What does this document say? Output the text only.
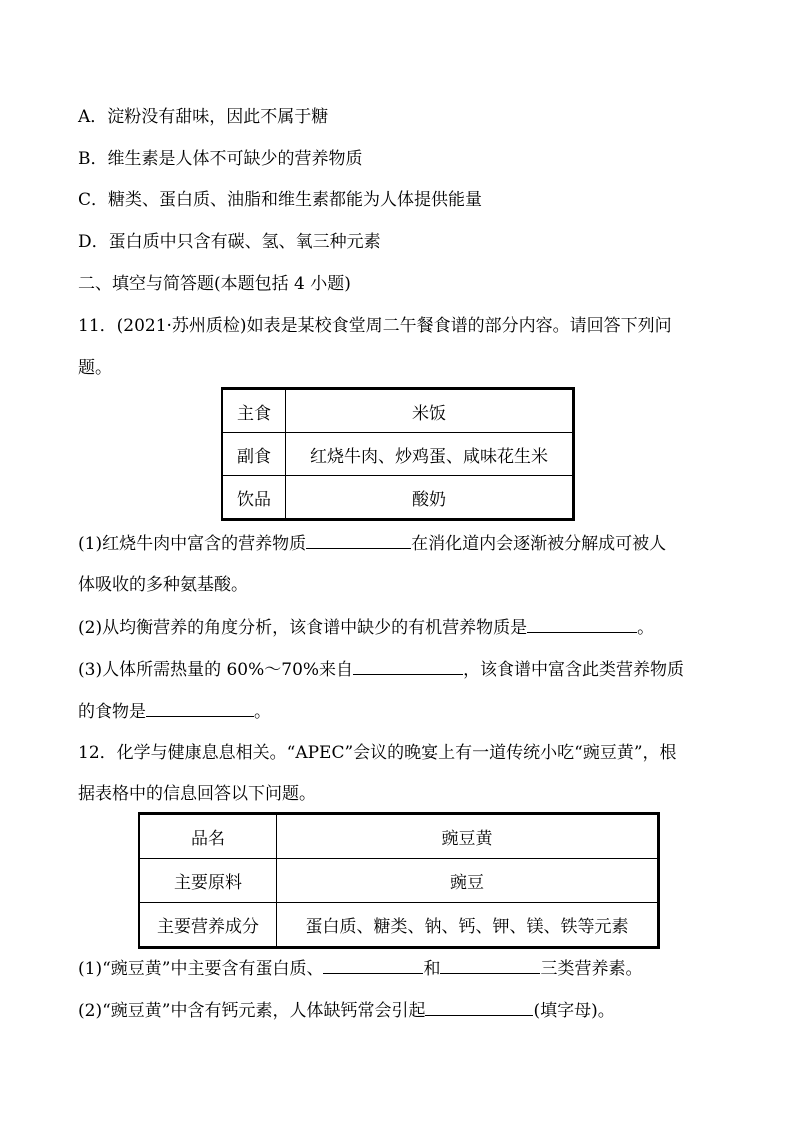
A．淀粉没有甜味，因此不属于糖
B．维生素是人体不可缺少的营养物质
C．糖类、蛋白质、油脂和维生素都能为人体提供能量
D．蛋白质中只含有碳、氢、氧三种元素
二、填空与简答题(本题包括 4 小题)
11．(2021·苏州质检)如表是某校食堂周二午餐食谱的部分内容。请回答下列问
题。
主食	米饭
副食	红烧牛肉、炒鸡蛋、咸味花生米
饮品	酸奶
(1)红烧牛肉中富含的营养物质	在消化道内会逐渐被分解成可被人
体吸收的多种氨基酸。
(2)从均衡营养的角度分析，该食谱中缺少的有机营养物质是	。
(3)人体所需热量的 60%～70%来自	，该食谱中富含此类营养物质
的食物是	。
12．化学与健康息息相关。“APEC”会议的晚宴上有一道传统小吃“豌豆黄”，根
据表格中的信息回答以下问题。
品名	豌豆黄
主要原料	豌豆
主要营养成分	蛋白质、糖类、钠、钙、钾、镁、铁等元素
(1)“豌豆黄”中主要含有蛋白质、	和	三类营养素。
(2)“豌豆黄”中含有钙元素，人体缺钙常会引起	(填字母)。
